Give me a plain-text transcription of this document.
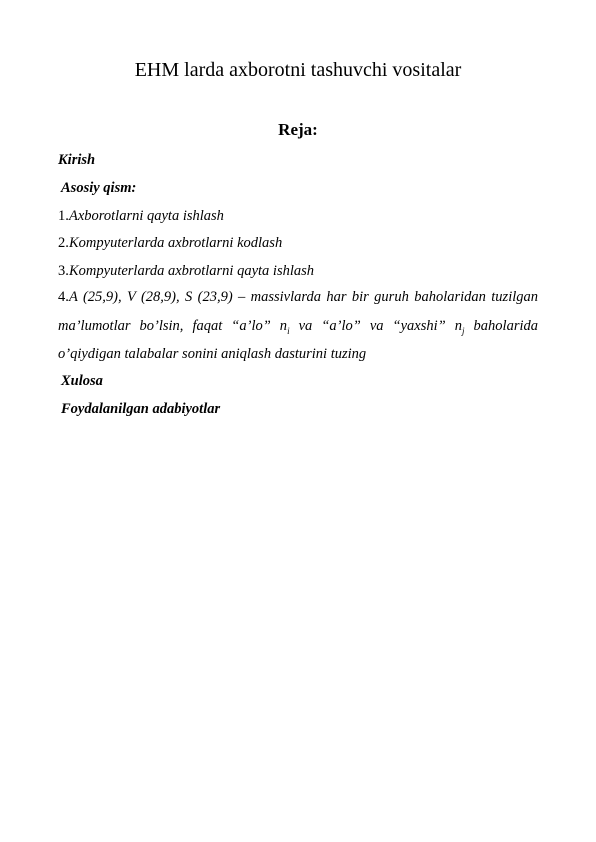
EHM larda axborotni tashuvchi vositalar
Reja:
Kirish
Asosiy qism:
1.Axborotlarni qayta ishlash
2.Kompyuterlarda axbrotlarni kodlash
3.Kompyuterlarda axbrotlarni qayta ishlash
4.A (25,9), V (28,9), S (23,9) – massivlarda har bir guruh baholaridan tuzilgan ma’lumotlar bo’lsin, faqat “a’lo” $n_i$ va “a’lo” va “yaxshi” $n_j$ baholarida o’qiydigan talabalar sonini aniqlash dasturini tuzing
Xulosa
Foydalanilgan adabiyotlar
